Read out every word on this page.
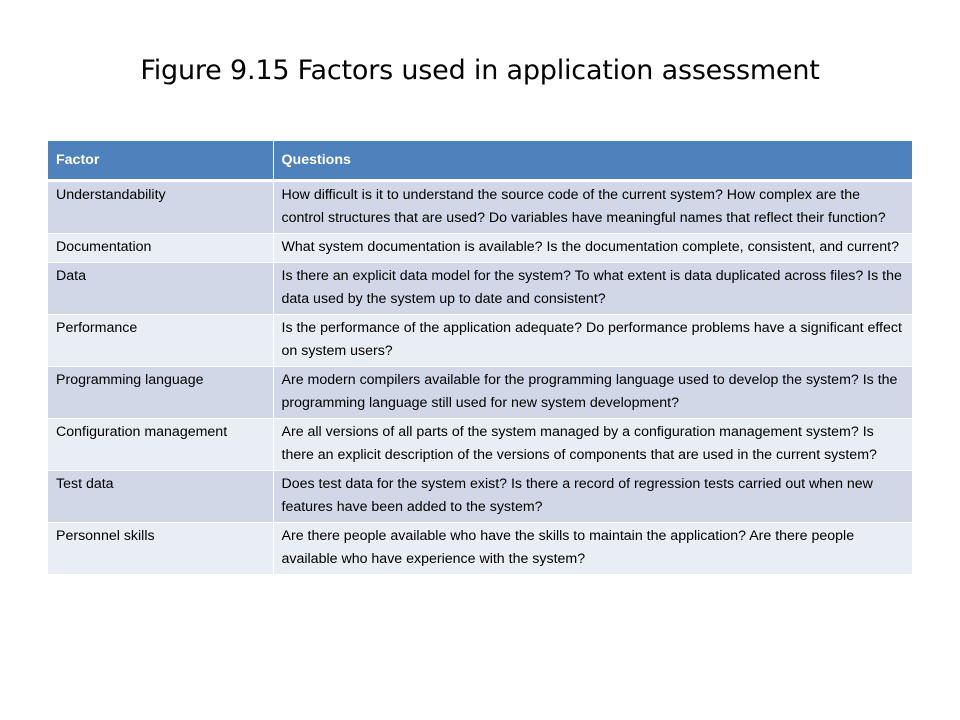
Figure 9.15 Factors used in application assessment
Factor	Questions
Understandability	How difficult is it to understand the source code of the current system? How complex are the control structures that are used? Do variables have meaningful names that reflect their function?
Documentation	What system documentation is available? Is the documentation complete, consistent, and current?
Data	Is there an explicit data model for the system? To what extent is data duplicated across files? Is the data used by the system up to date and consistent?
Performance	Is the performance of the application adequate? Do performance problems have a significant effect on system users?
Programming language	Are modern compilers available for the programming language used to develop the system? Is the programming language still used for new system development?
Configuration management	Are all versions of all parts of the system managed by a configuration management system? Is there an explicit description of the versions of components that are used in the current system?
Test data	Does test data for the system exist? Is there a record of regression tests carried out when new features have been added to the system?
Personnel skills	Are there people available who have the skills to maintain the application? Are there people available who have experience with the system?
